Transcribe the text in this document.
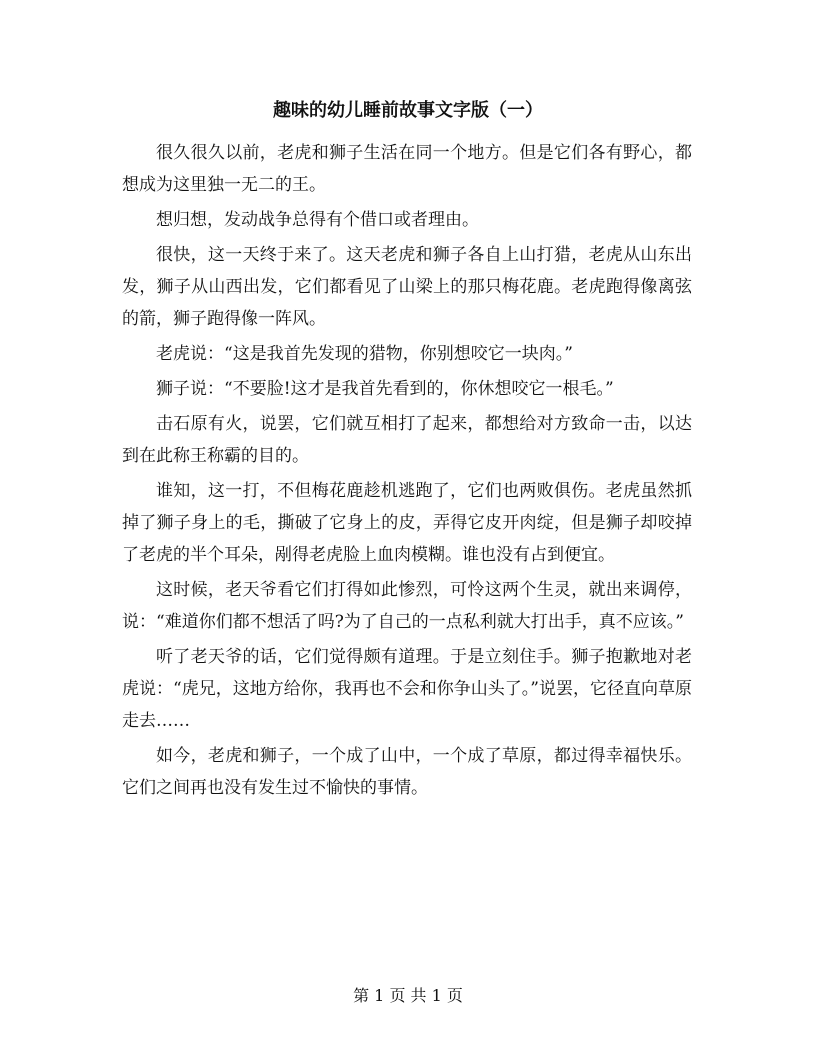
趣味的幼儿睡前故事文字版（一）

很久很久以前，老虎和狮子生活在同一个地方。但是它们各有野心，都想成为这里独一无二的王。

想归想，发动战争总得有个借口或者理由。

很快，这一天终于来了。这天老虎和狮子各自上山打猎，老虎从山东出发，狮子从山西出发，它们都看见了山梁上的那只梅花鹿。老虎跑得像离弦的箭，狮子跑得像一阵风。

老虎说：“这是我首先发现的猎物，你别想咬它一块肉。”

狮子说：“不要脸!这才是我首先看到的，你休想咬它一根毛。”

击石原有火，说罢，它们就互相打了起来，都想给对方致命一击，以达到在此称王称霸的目的。

谁知，这一打，不但梅花鹿趁机逃跑了，它们也两败俱伤。老虎虽然抓掉了狮子身上的毛，撕破了它身上的皮，弄得它皮开肉绽，但是狮子却咬掉了老虎的半个耳朵，剐得老虎脸上血肉模糊。谁也没有占到便宜。

这时候，老天爷看它们打得如此惨烈，可怜这两个生灵，就出来调停，说：“难道你们都不想活了吗?为了自己的一点私利就大打出手，真不应该。”

听了老天爷的话，它们觉得颇有道理。于是立刻住手。狮子抱歉地对老虎说：“虎兄，这地方给你，我再也不会和你争山头了。”说罢，它径直向草原走去……

如今，老虎和狮子，一个成了山中，一个成了草原，都过得幸福快乐。它们之间再也没有发生过不愉快的事情。

第 1 页 共 1 页
